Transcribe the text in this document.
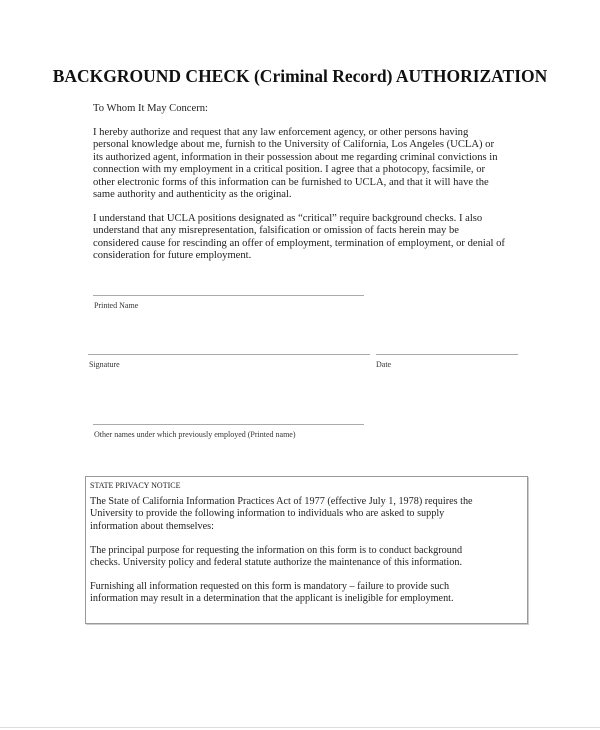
BACKGROUND CHECK (Criminal Record) AUTHORIZATION
To Whom It May Concern:
I hereby authorize and request that any law enforcement agency, or other persons having
personal knowledge about me, furnish to the University of California, Los Angeles (UCLA) or
its authorized agent, information in their possession about me regarding criminal convictions in
connection with my employment in a critical position. I agree that a photocopy, facsimile, or
other electronic forms of this information can be furnished to UCLA, and that it will have the
same authority and authenticity as the original.
I understand that UCLA positions designated as “critical” require background checks. I also
understand that any misrepresentation, falsification or omission of facts herein may be
considered cause for rescinding an offer of employment, termination of employment, or denial of
consideration for future employment.
Printed Name
Signature	Date
Other names under which previously employed (Printed name)
STATE PRIVACY NOTICE
The State of California Information Practices Act of 1977 (effective July 1, 1978) requires the
University to provide the following information to individuals who are asked to supply
information about themselves:
The principal purpose for requesting the information on this form is to conduct background
checks. University policy and federal statute authorize the maintenance of this information.
Furnishing all information requested on this form is mandatory – failure to provide such
information may result in a determination that the applicant is ineligible for employment.
